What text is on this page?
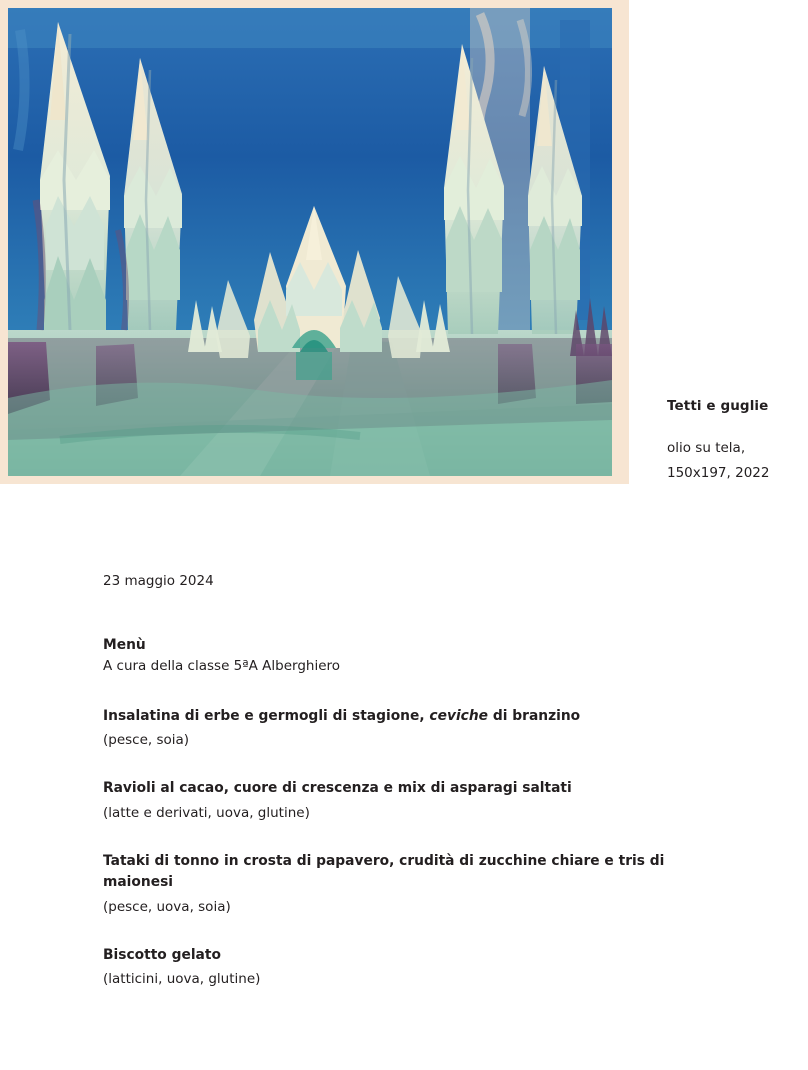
Tetti e guglie
olio su tela,
150x197, 2022

23 maggio 2024

Menù

A cura della classe 5ªA Alberghiero

Insalatina di erbe e germogli di stagione, ceviche di branzino

(pesce, soia)

Ravioli al cacao, cuore di crescenza e mix di asparagi saltati

(latte e derivati, uova, glutine)

Tataki di tonno in crosta di papavero, crudità di zucchine chiare e tris di maionesi

(pesce, uova, soia)

Biscotto gelato

(latticini, uova, glutine)
